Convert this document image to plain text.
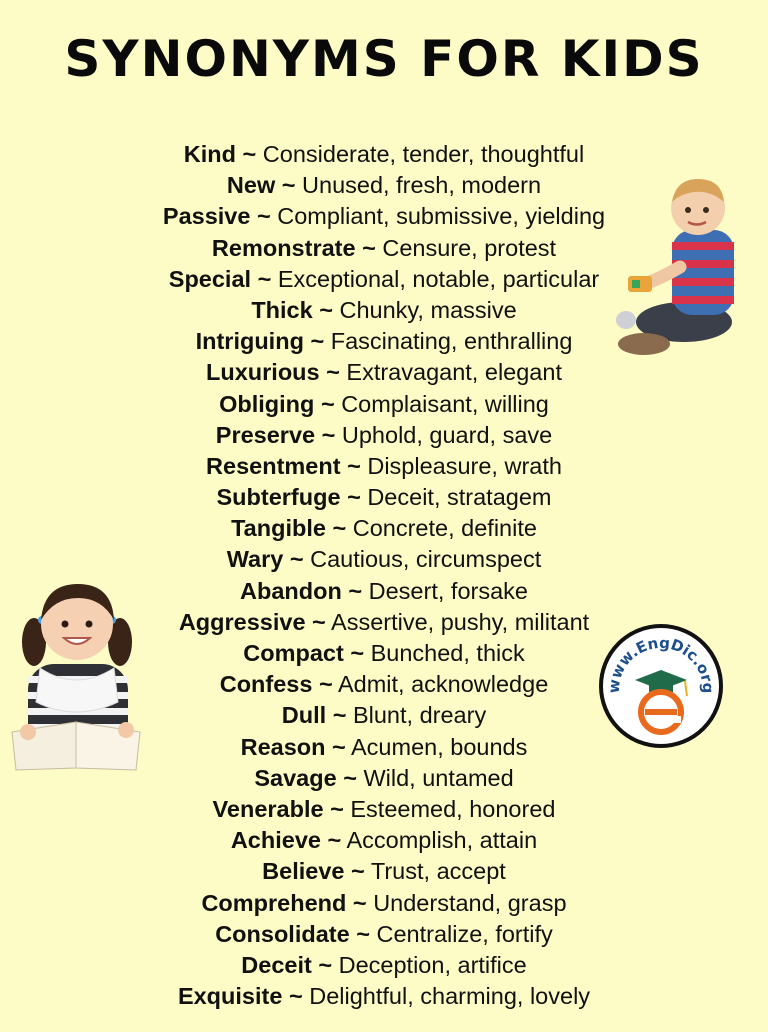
SYNONYMS FOR KIDS
Kind ~ Considerate, tender, thoughtful
New ~ Unused, fresh, modern
Passive ~ Compliant, submissive, yielding
Remonstrate ~ Censure, protest
Special ~ Exceptional, notable, particular
Thick ~ Chunky, massive
Intriguing ~ Fascinating, enthralling
Luxurious ~ Extravagant, elegant
Obliging ~ Complaisant, willing
Preserve ~ Uphold, guard, save
Resentment ~ Displeasure, wrath
Subterfuge ~ Deceit, stratagem
Tangible ~ Concrete, definite
Wary ~ Cautious, circumspect
Abandon ~ Desert, forsake
Aggressive ~ Assertive, pushy, militant
Compact ~ Bunched, thick
Confess ~ Admit, acknowledge
Dull ~ Blunt, dreary
Reason ~ Acumen, bounds
Savage ~ Wild, untamed
Venerable ~ Esteemed, honored
Achieve ~ Accomplish, attain
Believe ~ Trust, accept
Comprehend ~ Understand, grasp
Consolidate ~ Centralize, fortify
Deceit ~ Deception, artifice
Exquisite ~ Delightful, charming, lovely
www.EngDic.org
